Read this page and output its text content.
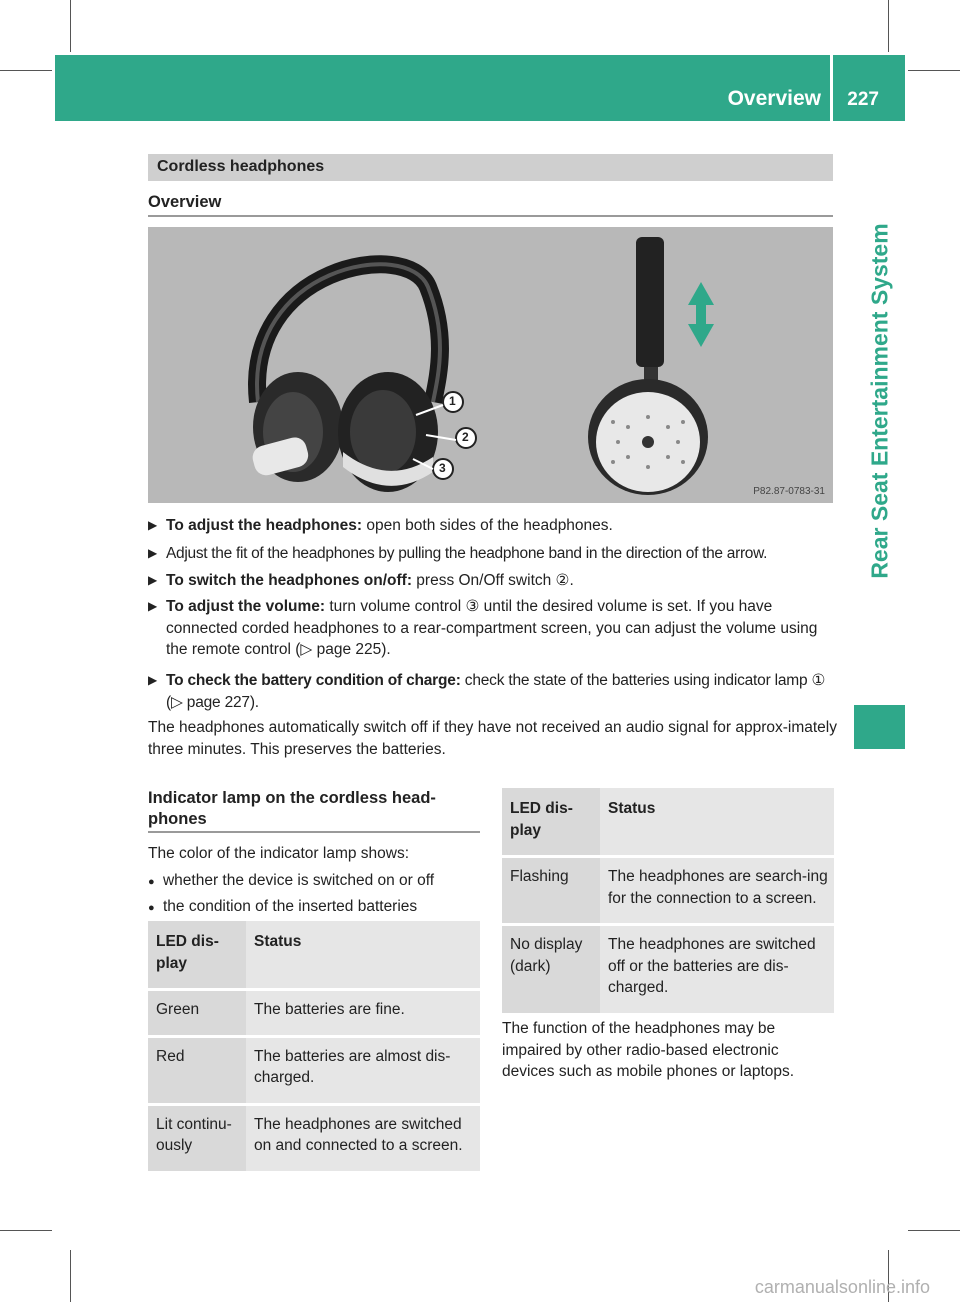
Overview 227
Rear Seat Entertainment System
Cordless headphones
Overview
1
2
3
P82.87-0783-31
▶ To adjust the headphones: open both sides of the headphones.
▶ Adjust the fit of the headphones by pulling the headphone band in the direction of the arrow.
▶ To switch the headphones on/off: press On/Off switch ②.
▶ To adjust the volume: turn volume control ③ until the desired volume is set. If you have connected corded headphones to a rear-compartment screen, you can adjust the volume using the remote control (▷ page 225).
▶ To check the battery condition of charge: check the state of the batteries using indicator lamp ① (▷ page 227).
The headphones automatically switch off if they have not received an audio signal for approx-imately three minutes. This preserves the batteries.
Indicator lamp on the cordless head-phones
The color of the indicator lamp shows:
● whether the device is switched on or off
● the condition of the inserted batteries
LED dis-play	Status
Green	The batteries are fine.
Red	The batteries are almost dis-charged.
Lit continu-ously	The headphones are switched on and connected to a screen.
LED dis-play	Status
Flashing	The headphones are search-ing for the connection to a screen.
No display (dark)	The headphones are switched off or the batteries are dis-charged.
The function of the headphones may be impaired by other radio-based electronic devices such as mobile phones or laptops.
carmanualsonline.info
